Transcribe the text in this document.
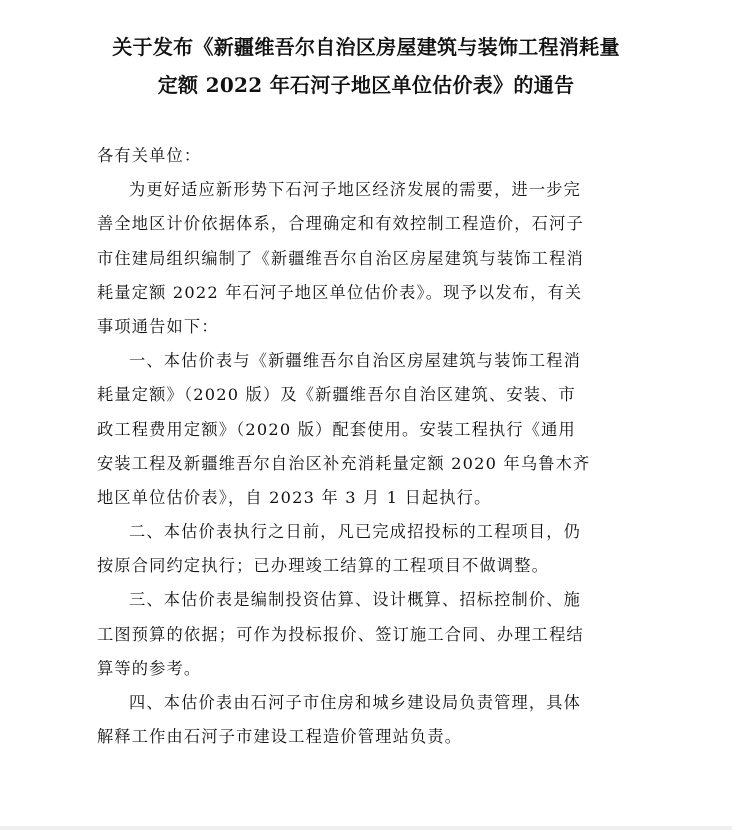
关于发布《新疆维吾尔自治区房屋建筑与装饰工程消耗量
定额 2022 年石河子地区单位估价表》的通告
各有关单位：
为更好适应新形势下石河子地区经济发展的需要，进一步完
善全地区计价依据体系，合理确定和有效控制工程造价，石河子
市住建局组织编制了《新疆维吾尔自治区房屋建筑与装饰工程消
耗量定额 2022 年石河子地区单位估价表》。现予以发布，有关
事项通告如下：
一、本估价表与《新疆维吾尔自治区房屋建筑与装饰工程消
耗量定额》（2020 版）及《新疆维吾尔自治区建筑、安装、市
政工程费用定额》（2020 版）配套使用。安装工程执行《通用
安装工程及新疆维吾尔自治区补充消耗量定额 2020 年乌鲁木齐
地区单位估价表》，自 2023 年 3 月 1 日起执行。
二、本估价表执行之日前，凡已完成招投标的工程项目，仍
按原合同约定执行；已办理竣工结算的工程项目不做调整。
三、本估价表是编制投资估算、设计概算、招标控制价、施
工图预算的依据；可作为投标报价、签订施工合同、办理工程结
算等的参考。
四、本估价表由石河子市住房和城乡建设局负责管理，具体
解释工作由石河子市建设工程造价管理站负责。
